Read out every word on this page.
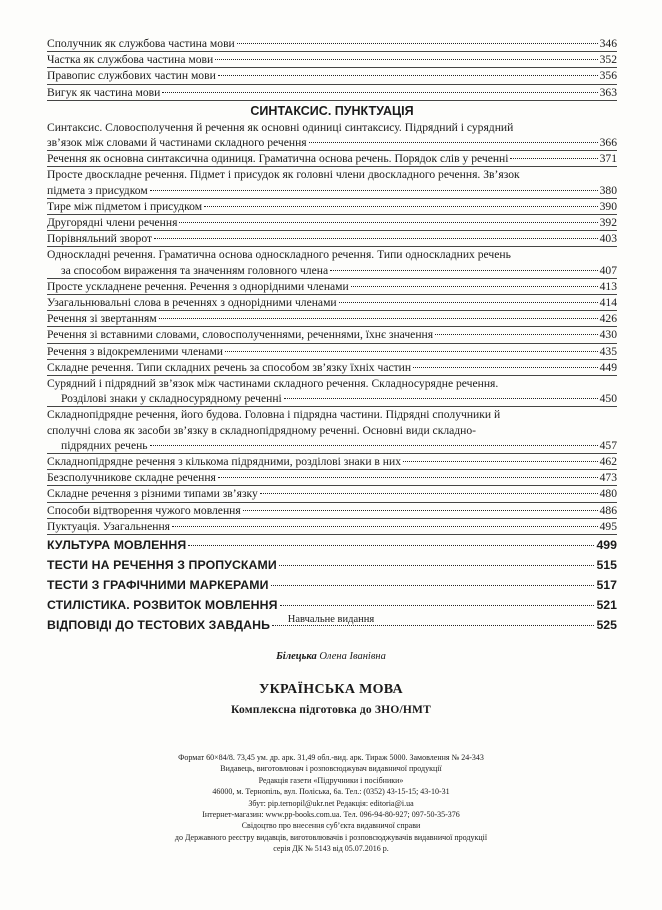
Сполучник як службова частина мови	346
Частка як службова частина мови	352
Правопис службових частин мови	356
Вигук як частина мови	363
СИНТАКСИС. ПУНКТУАЦІЯ
Синтаксис. Словосполучення й речення як основні одиниці синтаксису. Підрядний і сурядний
зв’язок між словами й частинами складного речення	366
Речення як основна синтаксична одиниця. Граматична основа речень. Порядок слів у реченні	371
Просте двоскладне речення. Підмет і присудок як головні члени двоскладного речення. Зв’язок
підмета з присудком	380
Тире між підметом і присудком	390
Другорядні члени речення	392
Порівняльний зворот	403
Односкладні речення. Граматична основа односкладного речення. Типи односкладних речень
за способом вираження та значенням головного члена	407
Просте ускладнене речення. Речення з однорідними членами	413
Узагальнювальні слова в реченнях з однорідними членами	414
Речення зі звертанням	426
Речення зі вставними словами, словосполученнями, реченнями, їхнє значення	430
Речення з відокремленими членами	435
Складне речення. Типи складних речень за способом зв’язку їхніх частин	449
Сурядний і підрядний зв’язок між частинами складного речення. Складносурядне речення.
Розділові знаки у складносурядному реченні	450
Складнопідрядне речення, його будова. Головна і підрядна частини. Підрядні сполучники й
сполучні слова як засоби зв’язку в складнопідрядному реченні. Основні види складно-
підрядних речень	457
Складнопідрядне речення з кількома підрядними, розділові знаки в них	462
Безсполучникове складне речення	473
Складне речення з різними типами зв’язку	480
Способи відтворення чужого мовлення	486
Пуктуація. Узагальнення	495
КУЛЬТУРА МОВЛЕННЯ	499
ТЕСТИ НА РЕЧЕННЯ З ПРОПУСКАМИ	515
ТЕСТИ З ГРАФІЧНИМИ МАРКЕРАМИ	517
СТИЛІСТИКА. РОЗВИТОК МОВЛЕННЯ	521
ВІДПОВІДІ ДО ТЕСТОВИХ ЗАВДАНЬ	525
Навчальне видання
Білецька Олена Іванівна
УКРАЇНСЬКА МОВА
Комплексна підготовка до ЗНО/НМТ
Формат 60×84/8. 73,45 ум. др. арк. 31,49 обл.-вид. арк. Тираж 5000. Замовлення № 24-343
Видавець, виготовлювач і розповсюджувач видавничої продукції
Редакція газети «Підручники і посібники»
46000, м. Тернопіль, вул. Поліська, 6а. Тел.: (0352) 43-15-15; 43-10-31
Збут: pip.ternopil@ukr.net Редакція: editoria@i.ua
Інтернет-магазин: www.pp-books.com.ua. Тел. 096-94-80-927; 097-50-35-376
Свідоцтво про внесення суб’єкта видавничої справи
до Державного реєстру видавців, виготовлювачів і розповсюджувачів видавничої продукції
серія ДК № 5143 від 05.07.2016 р.
